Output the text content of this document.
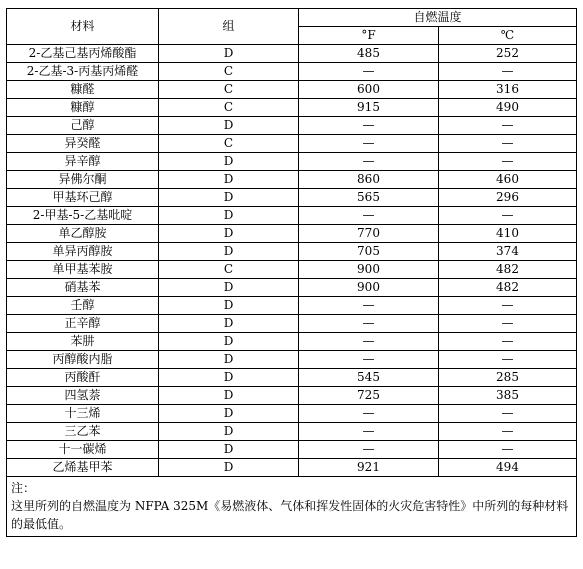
材料	组	自燃温度	
		°F	℃
2-乙基己基丙烯酸酯	D	485	252
2-乙基-3-丙基丙烯醛	C	—	—
糠醛	C	600	316
糠醇	C	915	490
己醇	D	—	—
异癸醛	C	—	—
异辛醇	D	—	—
异佛尔酮	D	860	460
甲基环己醇	D	565	296
2-甲基-5-乙基吡啶	D	—	—
单乙醇胺	D	770	410
单异丙醇胺	D	705	374
单甲基苯胺	C	900	482
硝基苯	D	900	482
壬醇	D	—	—
正辛醇	D	—	—
苯肼	D	—	—
丙醇酸内脂	D	—	—
丙酸酐	D	545	285
四氢萘	D	725	385
十三烯	D	—	—
三乙苯	D	—	—
十一碳烯	D	—	—
乙烯基甲苯	D	921	494

注：
这里所列的自燃温度为 NFPA 325M《易燃液体、气体和挥发性固体的火灾危害特性》中所列的每种材料的最低值。			
